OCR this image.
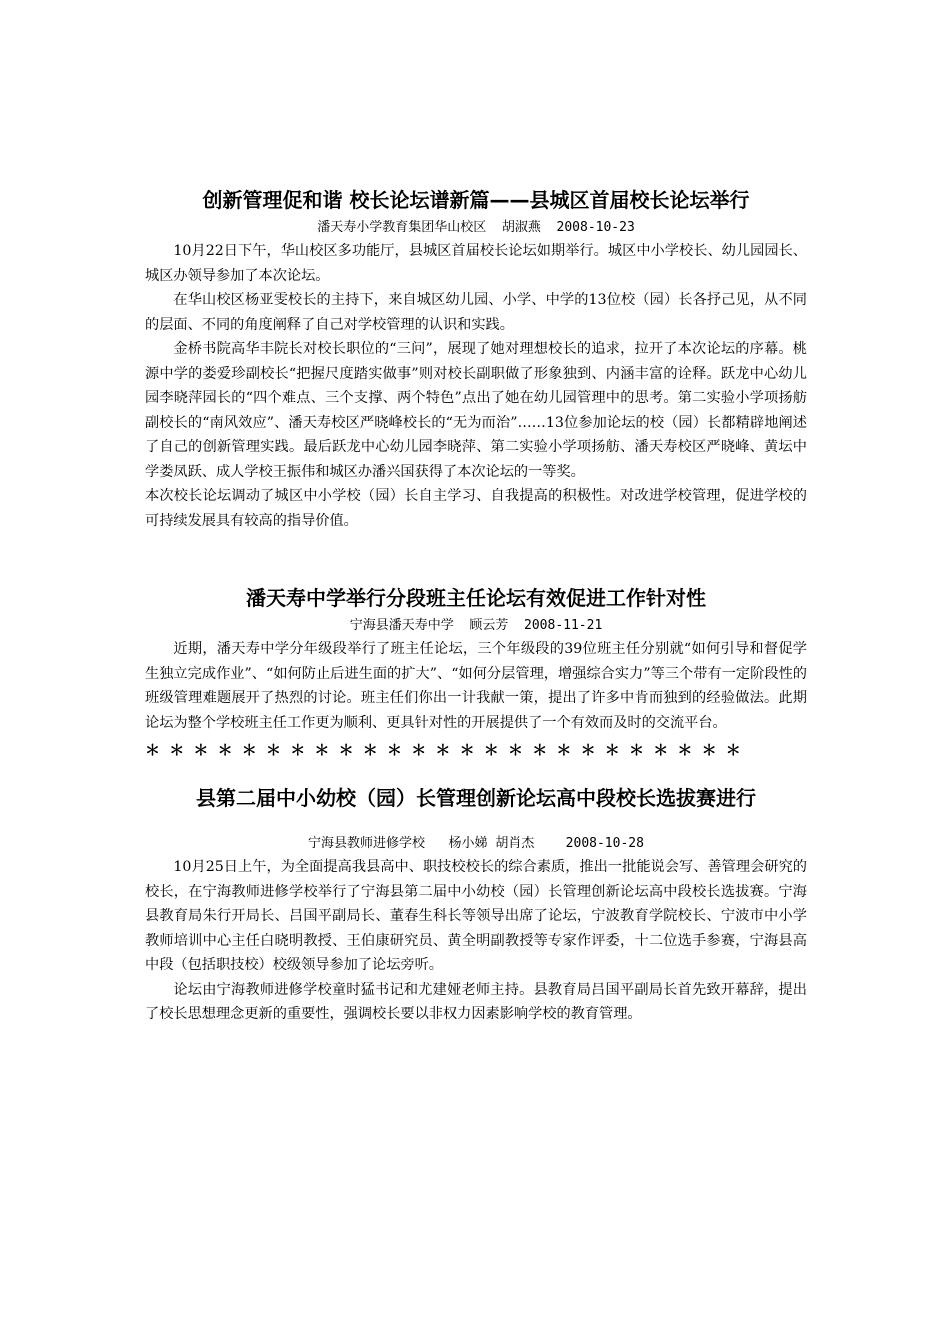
创新管理促和谐 校长论坛谱新篇——县城区首届校长论坛举行

潘天寿小学教育集团华山校区  胡淑燕  2008-10-23

10月22日下午，华山校区多功能厅，县城区首届校长论坛如期举行。城区中小学校长、幼儿园园长、城区办领导参加了本次论坛。

在华山校区杨亚雯校长的主持下，来自城区幼儿园、小学、中学的13位校（园）长各抒己见，从不同的层面、不同的角度阐释了自己对学校管理的认识和实践。

金桥书院高华丰院长对校长职位的“三问”，展现了她对理想校长的追求，拉开了本次论坛的序幕。桃源中学的娄爱珍副校长“把握尺度踏实做事”则对校长副职做了形象独到、内涵丰富的诠释。跃龙中心幼儿园李晓萍园长的“四个难点、三个支撑、两个特色”点出了她在幼儿园管理中的思考。第二实验小学项扬舫副校长的“南风效应”、潘天寿校区严晓峰校长的“无为而治”……13位参加论坛的校（园）长都精辟地阐述了自己的创新管理实践。最后跃龙中心幼儿园李晓萍、第二实验小学项扬舫、潘天寿校区严晓峰、黄坛中学娄凤跃、成人学校王振伟和城区办潘兴国获得了本次论坛的一等奖。

本次校长论坛调动了城区中小学校（园）长自主学习、自我提高的积极性。对改进学校管理，促进学校的可持续发展具有较高的指导价值。

潘天寿中学举行分段班主任论坛有效促进工作针对性

宁海县潘天寿中学  顾云芳  2008-11-21

近期，潘天寿中学分年级段举行了班主任论坛，三个年级段的39位班主任分别就“如何引导和督促学生独立完成作业”、“如何防止后进生面的扩大”、“如何分层管理，增强综合实力”等三个带有一定阶段性的班级管理难题展开了热烈的讨论。班主任们你出一计我献一策，提出了许多中肯而独到的经验做法。此期论坛为整个学校班主任工作更为顺利、更具针对性的开展提供了一个有效而及时的交流平台。

＊＊＊＊＊＊＊＊＊＊＊＊＊＊＊＊＊＊＊＊＊＊＊＊＊

县第二届中小幼校（园）长管理创新论坛高中段校长选拔赛进行

宁海县教师进修学校   杨小娣 胡肖杰    2008-10-28

10月25日上午，为全面提高我县高中、职技校校长的综合素质，推出一批能说会写、善管理会研究的校长，在宁海教师进修学校举行了宁海县第二届中小幼校（园）长管理创新论坛高中段校长选拔赛。宁海县教育局朱行开局长、吕国平副局长、董春生科长等领导出席了论坛，宁波教育学院校长、宁波市中小学教师培训中心主任白晓明教授、王伯康研究员、黄全明副教授等专家作评委，十二位选手参赛，宁海县高中段（包括职技校）校级领导参加了论坛旁听。

论坛由宁海教师进修学校童时猛书记和尤建娅老师主持。县教育局吕国平副局长首先致开幕辞，提出了校长思想理念更新的重要性，强调校长要以非权力因素影响学校的教育管理。
